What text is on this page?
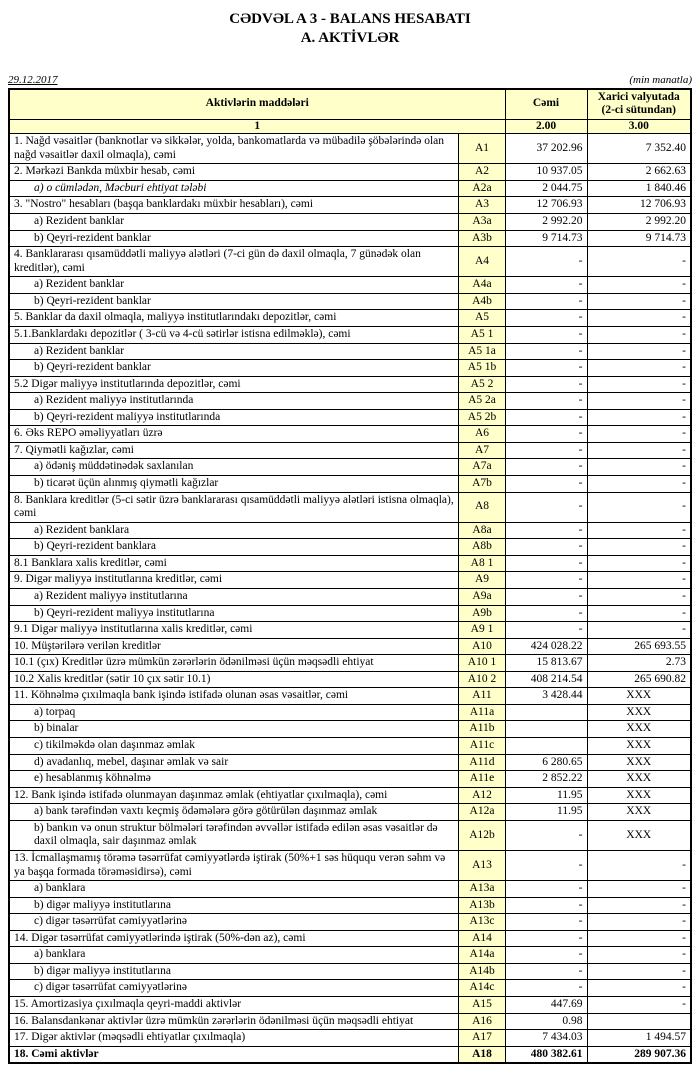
CƏDVƏL A 3 - BALANS HESABATI
A. AKTİVLƏR
29.12.2017	(min manatla)
Aktivlərin maddələri		Cəmi	Xarici valyutada (2-ci sütundan)
1		2.00	3.00
1. Nağd vəsaitlər (banknotlar və sikkələr, yolda, bankomatlarda və mübadilə şöbələrində olan nağd vəsaitlər daxil olmaqla), cəmi	A1	37 202.96	7 352.40
2. Mərkəzi Bankda müxbir hesab, cəmi	A2	10 937.05	2 662.63
a) o cümlədən, Məcburi ehtiyat tələbi	A2a	2 044.75	1 840.46
3. "Nostro" hesabları (başqa banklardakı müxbir hesabları), cəmi	A3	12 706.93	12 706.93
a) Rezident banklar	A3a	2 992.20	2 992.20
b) Qeyri-rezident banklar	A3b	9 714.73	9 714.73
4. Banklararası qısamüddətli maliyyə alətləri (7-ci gün də daxil olmaqla, 7 günədək olan kreditlər), cəmi	A4	-	-
a) Rezident banklar	A4a	-	-
b) Qeyri-rezident banklar	A4b	-	-
5. Banklar da daxil olmaqla, maliyyə institutlarındakı depozitlər, cəmi	A5	-	-
5.1.Banklardakı depozitlər ( 3-cü və 4-cü sətirlər istisna edilməklə), cəmi	A5 1	-	-
a) Rezident banklar	A5 1a	-	-
b) Qeyri-rezident banklar	A5 1b	-	-
5.2 Digər maliyyə institutlarında depozitlər, cəmi	A5 2	-	-
a) Rezident maliyyə institutlarında	A5 2a	-	-
b) Qeyri-rezident maliyyə institutlarında	A5 2b	-	-
6. Əks REPO əməliyyatları üzrə	A6	-	-
7. Qiymətli kağızlar, cəmi	A7	-	-
a) ödəniş müddətinədək saxlanılan	A7a	-	-
b) ticarət üçün alınmış qiymətli kağızlar	A7b	-	-
8. Banklara kreditlər (5-ci sətir üzrə banklararası qısamüddətli maliyyə alətləri istisna olmaqla), cəmi	A8	-	-
a) Rezident banklara	A8a	-	-
b) Qeyri-rezident banklara	A8b	-	-
8.1 Banklara xalis kreditlər, cəmi	A8 1	-	-
9. Digər maliyyə institutlarına kreditlər, cəmi	A9	-	-
a) Rezident maliyyə institutlarına	A9a	-	-
b) Qeyri-rezident maliyyə institutlarına	A9b	-	-
9.1 Digər maliyyə institutlarına xalis kreditlər, cəmi	A9 1	-	-
10. Müştərilərə verilən kreditlər	A10	424 028.22	265 693.55
10.1 (çıx) Kreditlər üzrə mümkün zərərlərin ödənilməsi üçün məqsədli ehtiyat	A10 1	15 813.67	2.73
10.2 Xalis kreditlər (sətir 10 çıx sətir 10.1)	A10 2	408 214.54	265 690.82
11. Köhnəlmə çıxılmaqla bank işində istifadə olunan əsas vəsaitlər, cəmi	A11	3 428.44	XXX
a) torpaq	A11a		XXX
b) binalar	A11b		XXX
c) tikilməkdə olan daşınmaz əmlak	A11c		XXX
d) avadanlıq, mebel, daşınar əmlak və sair	A11d	6 280.65	XXX
e) hesablanmış köhnəlmə	A11e	2 852.22	XXX
12. Bank işində istifadə olunmayan daşınmaz əmlak (ehtiyatlar çıxılmaqla), cəmi	A12	11.95	XXX
a) bank tərəfindən vaxtı keçmiş ödəmələrə görə götürülən daşınmaz əmlak	A12a	11.95	XXX
b) bankın və onun struktur bölmələri tərəfindən əvvəllər istifadə edilən əsas vəsaitlər də daxil olmaqla, sair daşınmaz əmlak	A12b	-	XXX
13. İcmallaşmamış törəmə təsərrüfat cəmiyyətlərdə iştirak (50%+1 səs hüququ verən səhm və ya başqa formada törəməsidirsə), cəmi	A13	-	-
a) banklara	A13a	-	-
b) digər maliyyə institutlarına	A13b	-	-
c) digər təsərrüfat cəmiyyətlərinə	A13c	-	-
14. Digər təsərrüfat cəmiyyətlərində iştirak (50%-dən az), cəmi	A14	-	-
a) banklara	A14a	-	-
b) digər maliyyə institutlarına	A14b	-	-
c) digər təsərrüfat cəmiyyətlərinə	A14c	-	-
15. Amortizasiya çıxılmaqla qeyri-maddi aktivlər	A15	447.69	-
16. Balansdankənar aktivlər üzrə mümkün zərərlərin ödənilməsi üçün məqsədli ehtiyat	A16	0.98	
17. Digər aktivlər (məqsədli ehtiyatlar çıxılmaqla)	A17	7 434.03	1 494.57
18. Cəmi aktivlər	A18	480 382.61	289 907.36
